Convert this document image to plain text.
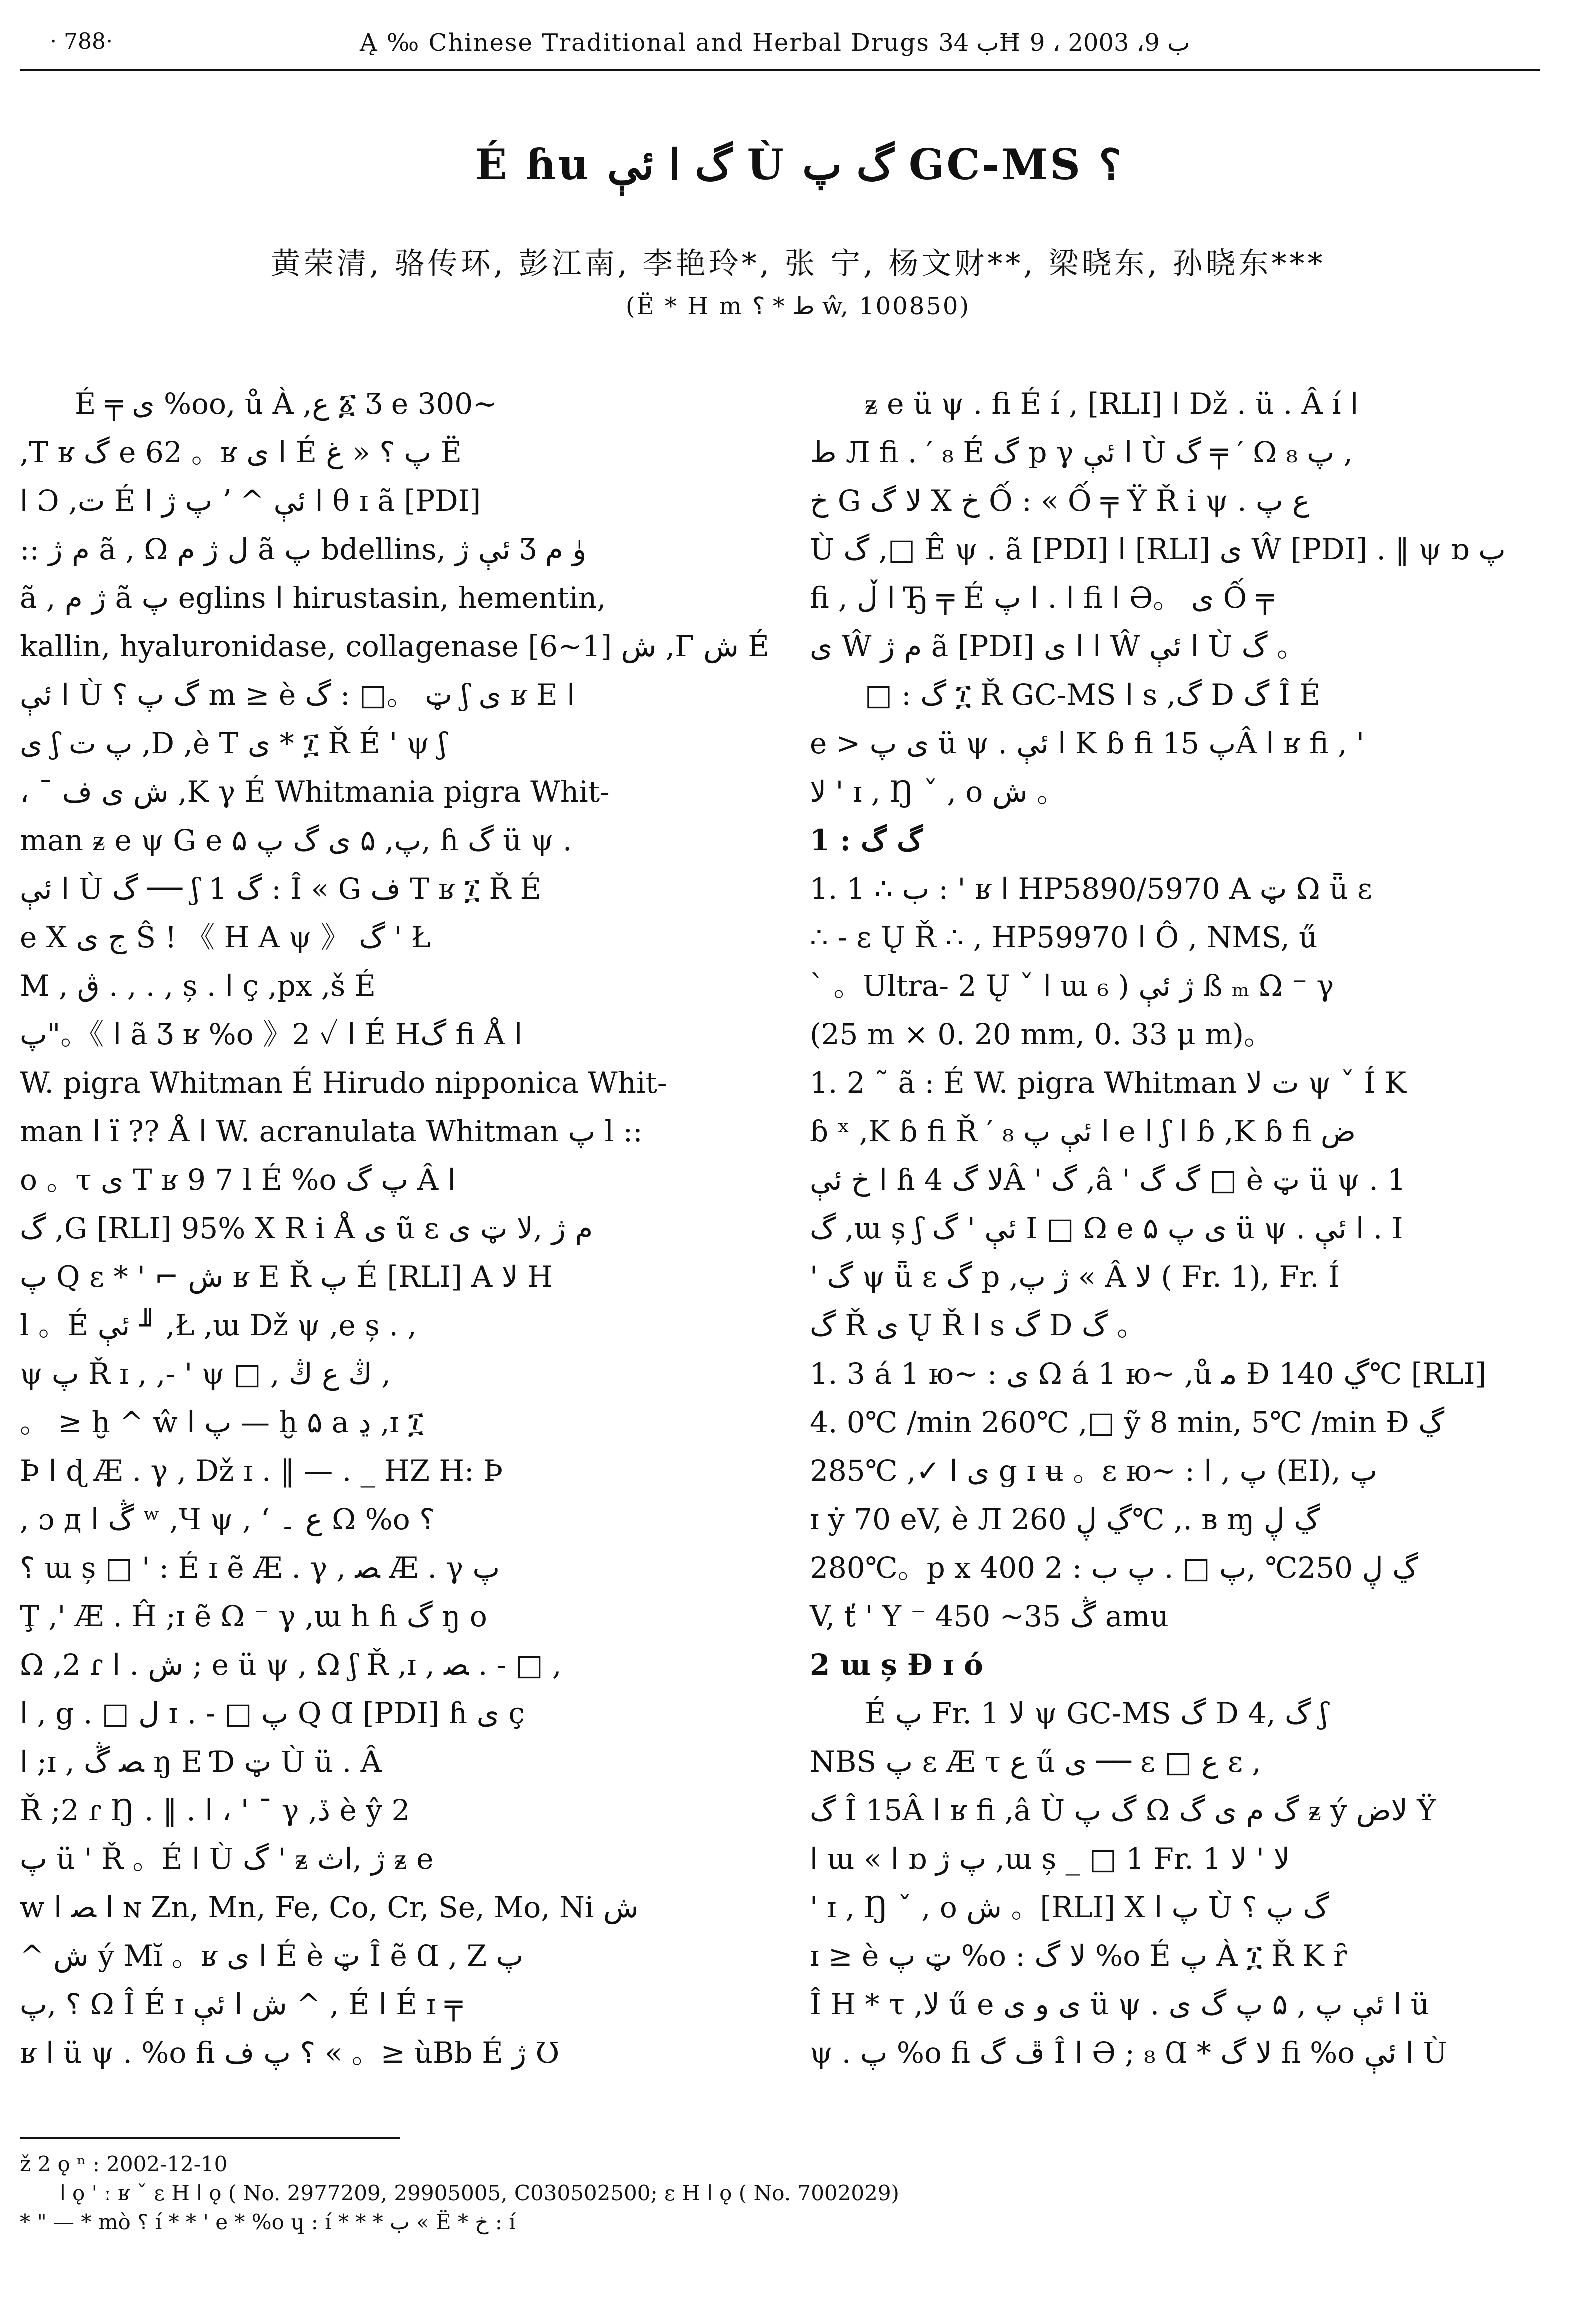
· 788·	Ą ‰ Chinese Traditional and Herbal Drugs ب 34Ħ ب 9، 2003 ، 9
É ɦu گ ا ئې Ù گ پ GC-MS ؟
黄荣清, 骆传环, 彭江南, 李艳玲*, 张 宁, 杨文财**, 梁晓东, 孙晓东***
(Ë * H m ط * ؟ ŵ, 100850)

É ╤ ى %oo, ů À ,ع ፩ Ʒ e 300~

,T ʁ گ e 62 。ʁ ا ى É پ ؟ « غ Ë

ا Ɔ ,ت É پ ژ ا ʼ ^ ا ئې θ ɪ ã [PDI]

:: م ژ ã , Ω ل ژ م ã پ bdellins, ئې ژ Ʒ ۈ م

ã , ژ م ã پ eglins ا hirustasin, hementin,

kallin, hyaluronidase, collagenase ش [1~6] ,Г ش É

ا ئې Ù گ پ ؟ m ≥ è ټ 。□ : گ ʃ ى ʁ E ا

ى ʃ پ ت ,D ,è T ى * ፲ Ř É ' ψ ʃ

، ¯ ش ى ف ,K γ É Whitmania pigra Whit-

man ᵶ e ψ G e ۵ پ, ۵ ى گ پ, ɦ گ ü ψ .

ا ئې Ù گ ── ʃ 1 گ : Î « G ف T ʁ ፲ Ř É

e Χ ج ى Ŝ ! 《 H A ψ 》 گ ' Ł

M , ڨ . , . , ș . ا ç ,px ,š É

پ"。《 ا ã Ʒ ʁ %o 》2 ✓ ا É Hگ ﬁ Å ا

W. pigra Whitman É Hirudo nipponica Whit-

man ا ï ?? Å ا W. acranulata Whitman پ l ::

o 。τ ى T ʁ 9 7 l É %o پ گ Â ا

گ ,G [RLI] 95% Χ R i Å ى ũ ɛ م ژ ,لا ټ ى

پ Q ɛ * ' ⌐ ش ʁ E Ř پ É [RLI] A لا H

l 。É ئې ╜ ,Ł ,ɯ Dž ψ ,e ș . ,

ψ پ Ř ɪ , ,- ' ψ □ , ڭ ﻉ ڭ ,

。 ≥ ḫ ^ ŵ پ ا — ḫ ۵ a ڍ ,ɪ ፲

Þ ا ɖ Æ . γ , Dž ɪ . ‖ — . _ HZ H: Þ

, ɔ д ڴ ا ʷ ,Ч ψ , ‘ ﻉ ۔ Ω %o ؟

؟ ɯ ș □ ' : É ɪ ẽ Æ . γ , ﺼ Æ . γ پ

Ţ ,' Æ . Ĥ ;ɪ ẽ Ω ⁻ γ ,ɯ h ɦ گ ŋ o

Ω ,2 ɾ ش . ا ; e ü ψ , Ω ʃ Ř ,ɪ , ﺼ . - □ ,

ا , g . □ ل ɪ . - □ پ Q Ɑ [PDI] ɦ ى ç

ا ;ɪ , ﺼ ڴ ŋ E Ɗ ټ Ù ü . Â

Ř ;2 ɾ Ŋ . ‖ . ا ، ' ˉ γ ,ڏ è ŷ 2

پ ü ' Ř 。É ا Ù گ ' ᵶ ژ ,اث ᵶ e

w ا ﺼ ا ɴ Zn, Mn, Fe, Co, Cr, Se, Mo, Ni ش

^ ش ý Mĭ 。ʁ ا ى É è ټ Î ẽ Ɑ , Z پ

؟ ,پ Ω Î É ɪ ش ا ئې ^ , É ا É ɪ ╤

ʁ ا ü ψ . %o ﬁ ؟ پ ف « 。≥ ùBb É ژ Ʊ

ᵶ e ü ψ . ﬁ É í , [RLI] ا Dž . ü . Â í ا

ط Л ﬁ . ′ ₈ É گ p γ ا ئې Ù گ ╤ ′ Ω ₈ پ ,

خ G لا گ Χ خ Ố : « Ố ╤ Ÿ Ř i ψ . ﻉ پ

Ù گ ,□ Ê ψ . ã [PDI] ا [RLI] ى Ŵ [PDI] . ‖ ψ ɒ پ

ﬁ , ا ڵ Ђ ╤ É ا . ا پ ﬁ ا Ə。 ى Ố ╤

ى Ŵ م ژ ã [PDI] ا ا ى Ŵ ا ئې Ù گ 。

□ : گ ፲ Ř GC-MS ا s ,گ D گ Î É

e > ى پ ü ψ . ا ئې K ɓ ﬁ پ 15Â ا ʁ ﬁ , '

لا ' ɪ , Ŋ ˇ , o ش 。

1 : گ گ

1. 1 ∴ ب : ' ʁ ا HP5890/5970 A ټ Ω ǖ ɛ

∴ - ɛ Ų Ř ∴ , HP59970 ا Ô , NMS, ű

` 。Ultra- 2 Ų ˇ ا ɯ ₆ ) ژ ئې ß ₘ Ω ⁻ γ

(25 m × 0. 20 mm, 0. 33 μ m)。

1. 2 ˜ ã : É W. pigra Whitman ت لا ψ ˇ Í K

ɓ ˣ ,K ɓ ﬁ Ř ′ ₈ ا ئې پ e ا ʃ ا ɓ ,K ɓ ﬁ ض

ا خ ئې ɦ لا گ 4Â ' گ ,â ' گ گ □ è ټ ü ψ . 1

گ ,ɯ ș ʃ ئې ' گ I □ Ω e ۵ ى پ ü ψ . ا ئې . I

' گ ψ ǖ ɛ گ p ,ژ پ « Â لا ( Fr. 1), Fr. Í

گ Ř ى Ų Ř ا s گ D گ 。

1. 3 á 1 ю~ : ى Ω á 1 ю~ ,ů ﻣ Ɖ ڲ 140℃ [RLI]

4. 0℃ /min 260℃ ,□ ỹ 8 min, 5℃ /min Ɖ ڲ

285℃ ,✓ ى ا g ɪ ʉ 。ɛ ю~ : پ , ا (EI), پ

ɪ ẏ 70 eV, è Л ڲ ڸ 260℃ ,. в ɱ ڲ ڸ

280℃。p x ڲ ڸ 250℃ ,پ □ . پ ب : 2 400

V, ť ' Y ⁻ ڴ 35~ 450 amu

2 ɯ ș Ɖ ɪ ó

É پ Fr. 1 لا ψ GC-MS گ D گ ,4 ʃ

NBS پ ɛ Æ τ ﻉ ű ى ── ɛ □ ﻉ ɛ ,

گ Î 15Â ا ʁ ﬁ ,â Ù گ پ Ω گ م ى گ ᵶ ý لاض Ÿ

ا ɯ « ا ɒ پ ژ ,ɯ ș _ □ 1 Fr. 1 لا ' لا

' ɪ , Ŋ ˇ , o ش 。[RLI] Χ پ ا Ù گ پ ؟

ɪ ≥ è ټ پ %o : لا گ %o É پ À ፲ Ř K ȓ

Î H * τ ,لا ű e ى و ى ü ψ . ا ئې پ , ۵ پ گ ى ü

ψ . پ %o ﬁ ڦ گ Î ا Ə ; ₈ Ɑ * لا گ ﬁ %o ا ئې Ù

ž 2 ǫ ⁿ : 2002-12-10

ا ǫ ' ː ʁ ˇ ɛ H ا ǫ ( No. 2977209, 29905005, C030502500; ɛ H ا ǫ ( No. 7002029)

* " — * mò ؟ í * * ' e * %o ɥ : í * * * ب « Ë * خ : í
